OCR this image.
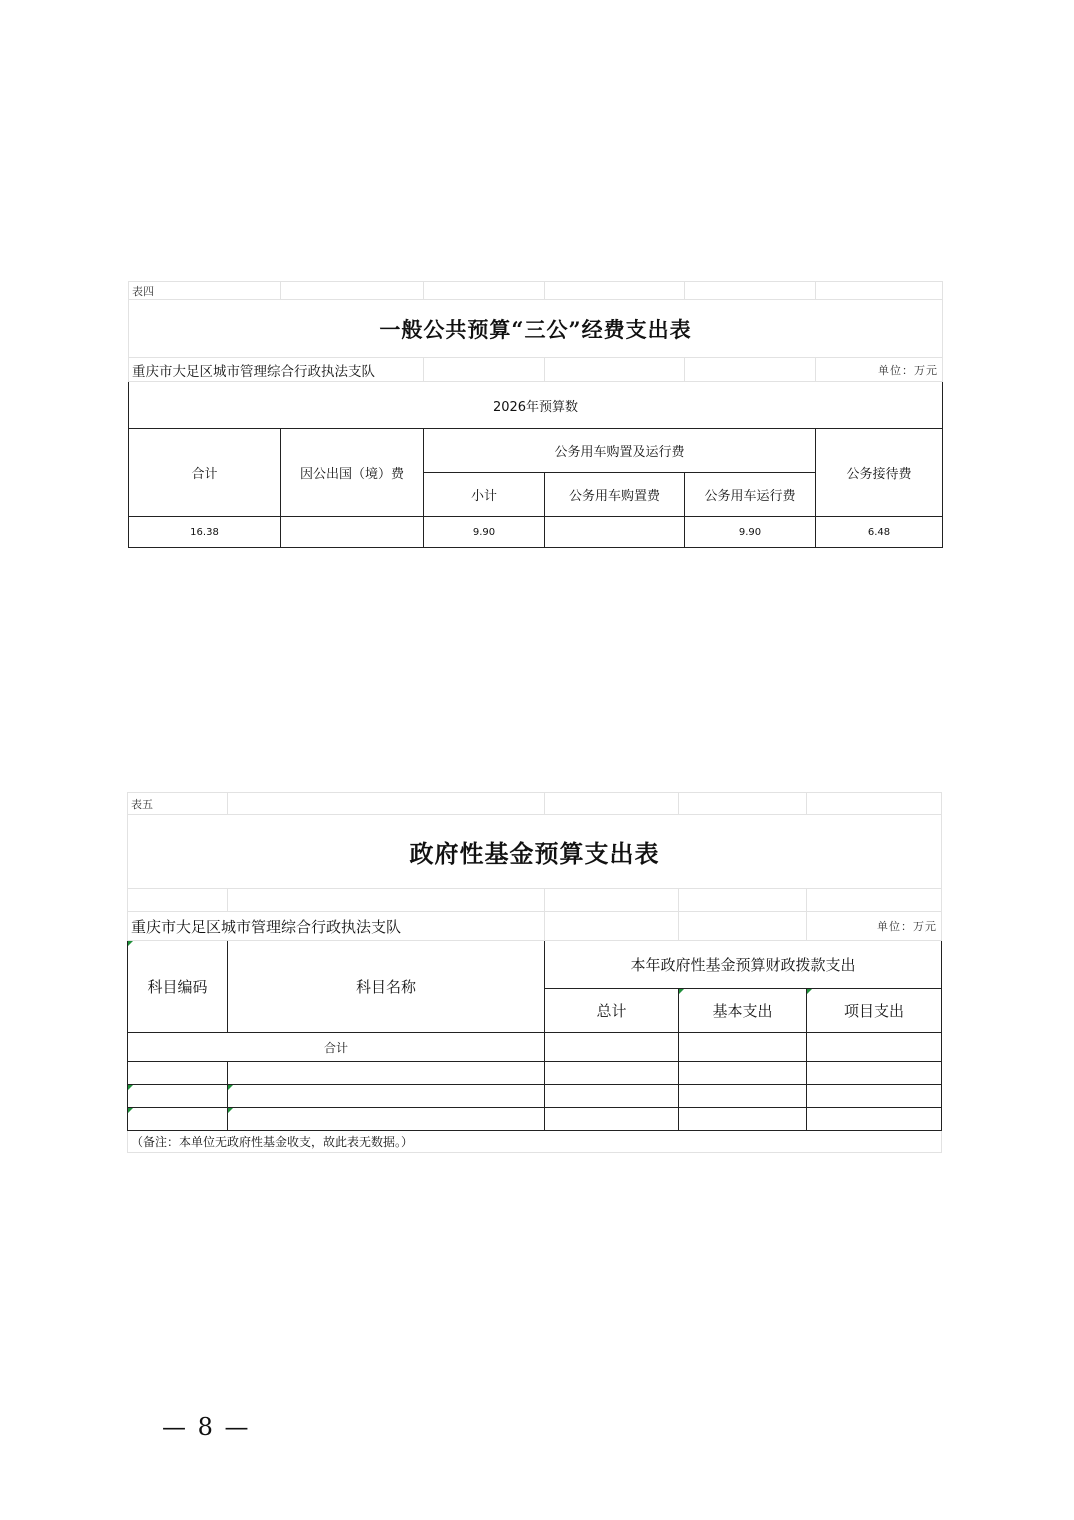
表四					
一般公共预算“三公”经费支出表					
重庆市大足区城市管理综合行政执法支队					单位：万元
2026年预算数					
合计	因公出国（境）费	公务用车购置及运行费			公务接待费
		小计	公务用车购置费	公务用车运行费	
16.38		9.90		9.90	6.48
表五				
政府性基金预算支出表				

重庆市大足区城市管理综合行政执法支队				单位：万元
科目编码	科目名称	本年政府性基金预算财政拨款支出		
		总计	基本支出	项目支出
合计				

（备注：本单位无政府性基金收支，故此表无数据。）				
— 8 —
